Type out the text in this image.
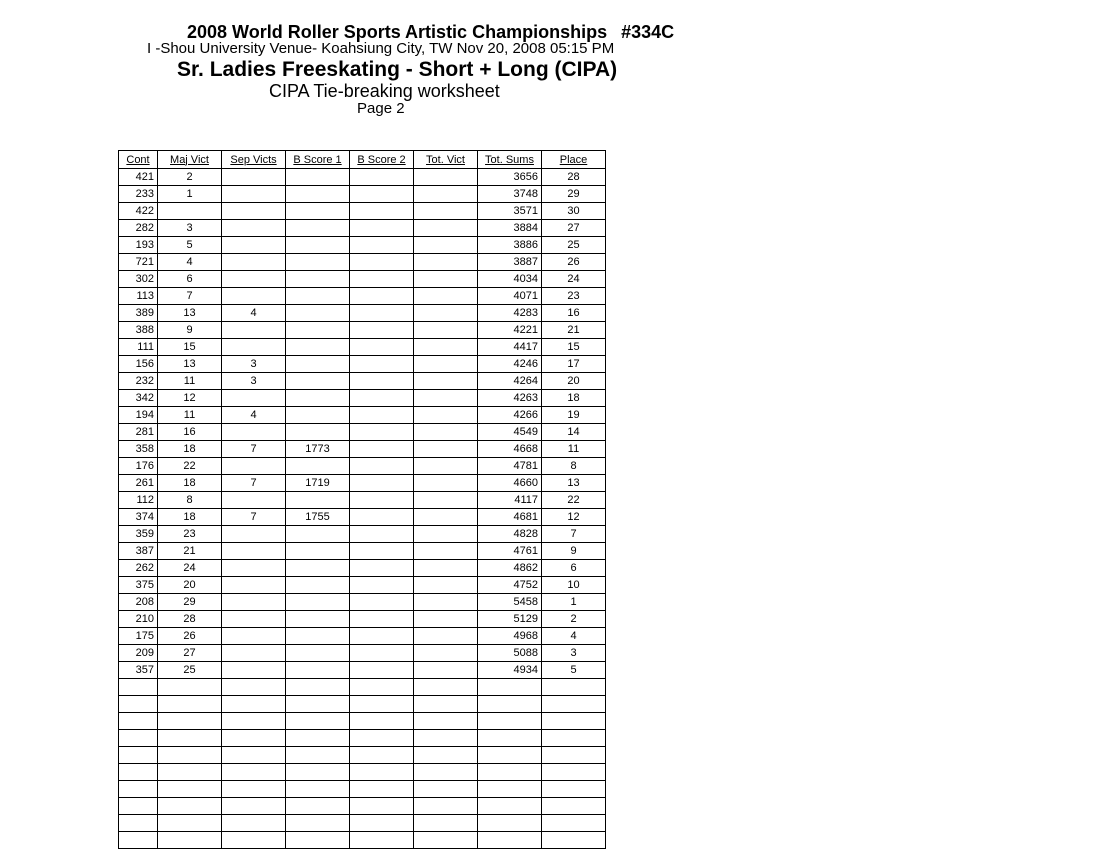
2008 World Roller Sports Artistic Championships #334C
I -Shou University Venue- Koahsiung City, TW Nov 20, 2008 05:15 PM
Sr. Ladies Freeskating - Short + Long (CIPA)
CIPA Tie-breaking worksheet
Page 2
Cont	Maj Vict	Sep Victs	B Score 1	B Score 2	Tot. Vict	Tot. Sums	Place
421	2					3656	28
233	1					3748	29
422						3571	30
282	3					3884	27
193	5					3886	25
721	4					3887	26
302	6					4034	24
113	7					4071	23
389	13	4				4283	16
388	9					4221	21
111	15					4417	15
156	13	3				4246	17
232	11	3				4264	20
342	12					4263	18
194	11	4				4266	19
281	16					4549	14
358	18	7	1773			4668	11
176	22					4781	8
261	18	7	1719			4660	13
112	8					4117	22
374	18	7	1755			4681	12
359	23					4828	7
387	21					4761	9
262	24					4862	6
375	20					4752	10
208	29					5458	1
210	28					5129	2
175	26					4968	4
209	27					5088	3
357	25					4934	5
